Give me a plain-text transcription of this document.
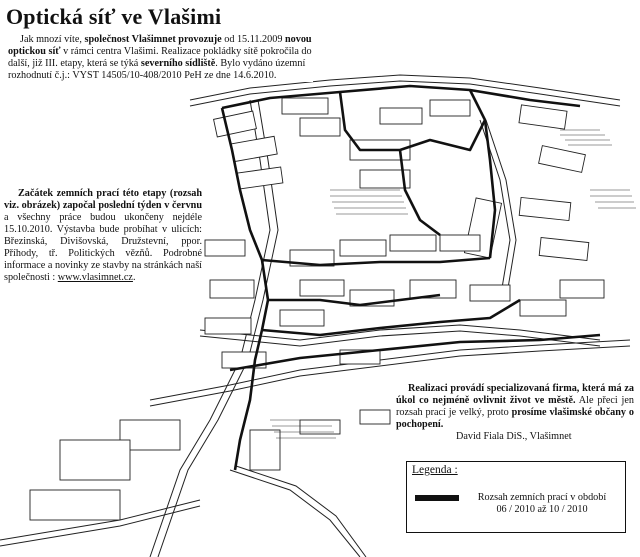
Optická síť ve Vlašimi
Jak mnozí víte, společnost Vlašimnet provozuje od 15.11.2009 novou optickou síť v rámci centra Vlašimi. Realizace pokládky sítě pokročila do další, již III. etapy, která se týká severního sídliště. Bylo vydáno územní rozhodnutí č.j.: VYST 14505/10-408/2010 PeH ze dne 14.6.2010.
Začátek zemních prací této etapy (rozsah viz. obrázek) započal poslední týden v červnu a všechny práce budou ukončeny nejdéle 15.10.2010. Výstavba bude probíhat v ulicích: Březinská, Divišovská, Družstevní, ppor. Příhody, tř. Politických vězňů. Podrobné informace a novinky ze stavby na stránkách naší společnosti : www.vlasimnet.cz.
Realizaci provádí specializovaná firma, která má za úkol co nejméně ovlivnit život ve městě. Ale přeci jen rozsah prací je velký, proto prosíme vlašimské občany o pochopení.
David Fiala DiS., Vlašimnet
Legenda :
Rozsah zemních prací v období
06 / 2010 až 10 / 2010
